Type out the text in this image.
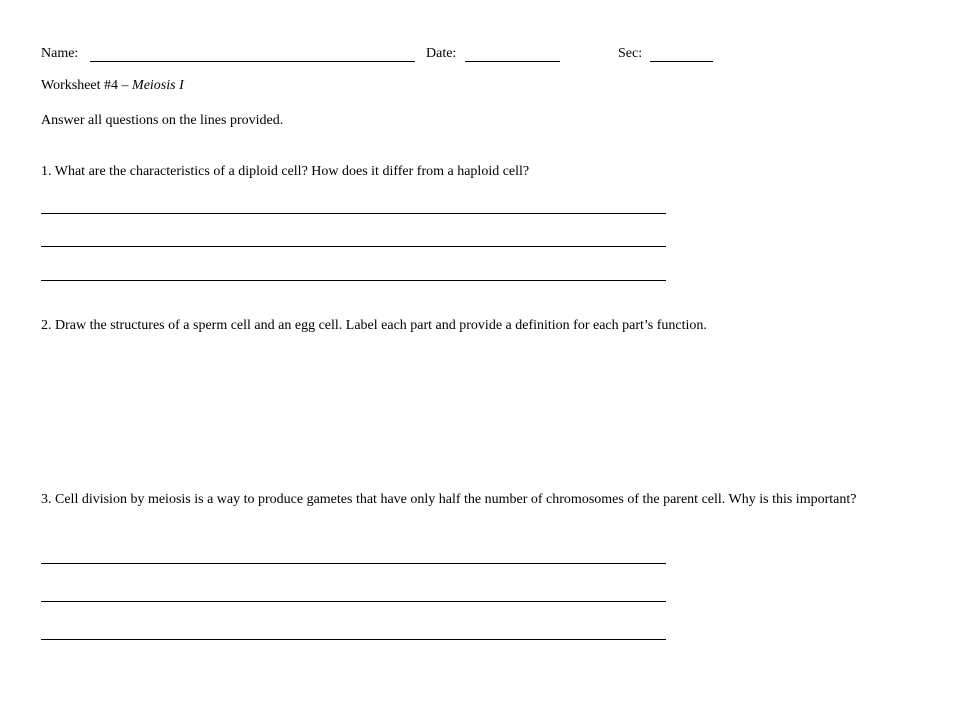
Name:	Date:	Sec:
Worksheet #4 – Meiosis I
Answer all questions on the lines provided.
1. What are the characteristics of a diploid cell? How does it differ from a haploid cell?
2. Draw the structures of a sperm cell and an egg cell. Label each part and provide a definition for each part’s function.
3. Cell division by meiosis is a way to produce gametes that have only half the number of chromosomes of the parent cell. Why is this important?
